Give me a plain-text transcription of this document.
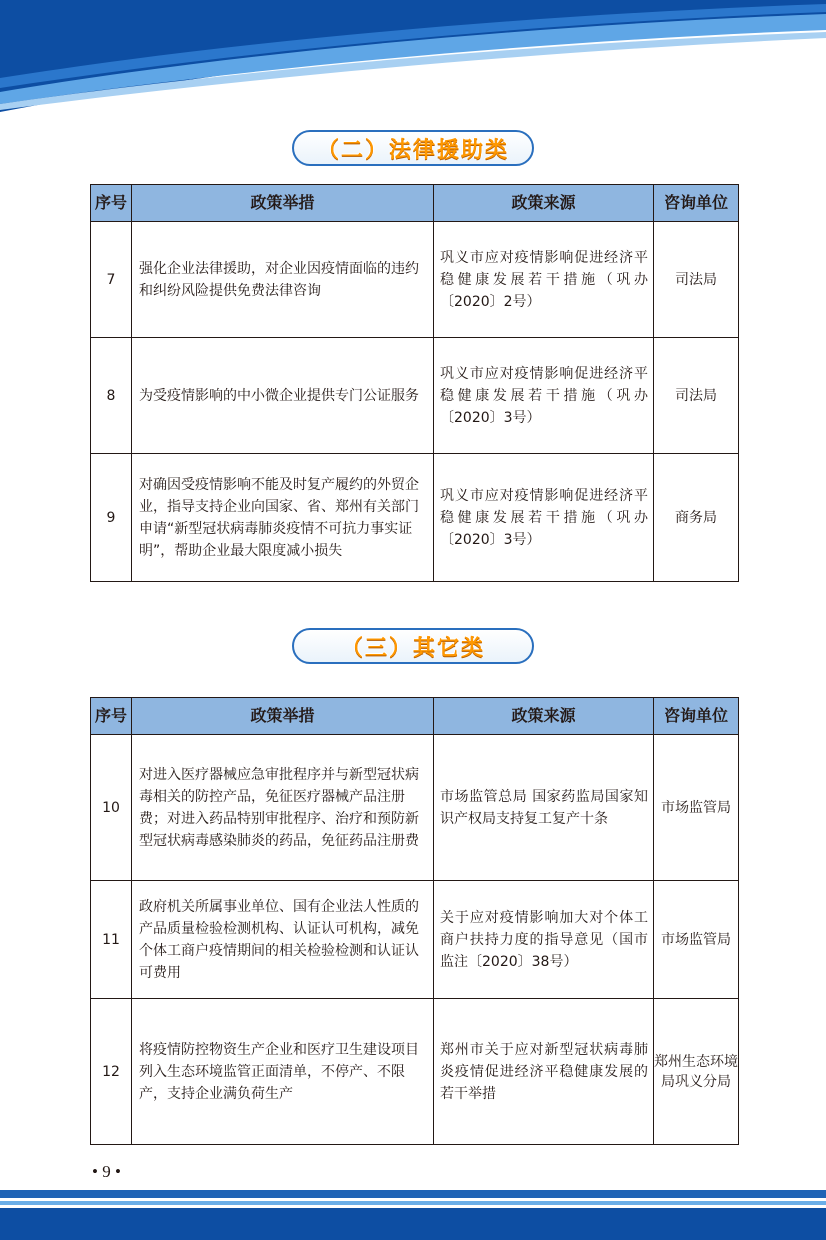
（二）法律援助类
序号	政策举措	政策来源	咨询单位
7	强化企业法律援助，对企业因疫情面临的违约和纠纷风险提供免费法律咨询	巩义市应对疫情影响促进经济平稳健康发展若干措施（巩办〔2020〕2号）	司法局
8	为受疫情影响的中小微企业提供专门公证服务	巩义市应对疫情影响促进经济平稳健康发展若干措施（巩办〔2020〕3号）	司法局
9	对确因受疫情影响不能及时复产履约的外贸企业，指导支持企业向国家、省、郑州有关部门申请“新型冠状病毒肺炎疫情不可抗力事实证明”，帮助企业最大限度减小损失	巩义市应对疫情影响促进经济平稳健康发展若干措施（巩办〔2020〕3号）	商务局
（三）其它类
序号	政策举措	政策来源	咨询单位
10	对进入医疗器械应急审批程序并与新型冠状病毒相关的防控产品，免征医疗器械产品注册费；对进入药品特别审批程序、治疗和预防新型冠状病毒感染肺炎的药品，免征药品注册费	市场监管总局 国家药监局国家知识产权局支持复工复产十条	市场监管局
11	政府机关所属事业单位、国有企业法人性质的产品质量检验检测机构、认证认可机构，减免个体工商户疫情期间的相关检验检测和认证认可费用	关于应对疫情影响加大对个体工商户扶持力度的指导意见（国市监注〔2020〕38号）	市场监管局
12	将疫情防控物资生产企业和医疗卫生建设项目列入生态环境监管正面清单，不停产、不限产，支持企业满负荷生产	郑州市关于应对新型冠状病毒肺炎疫情促进经济平稳健康发展的若干举措	郑州生态环境局巩义分局
• 9 •
